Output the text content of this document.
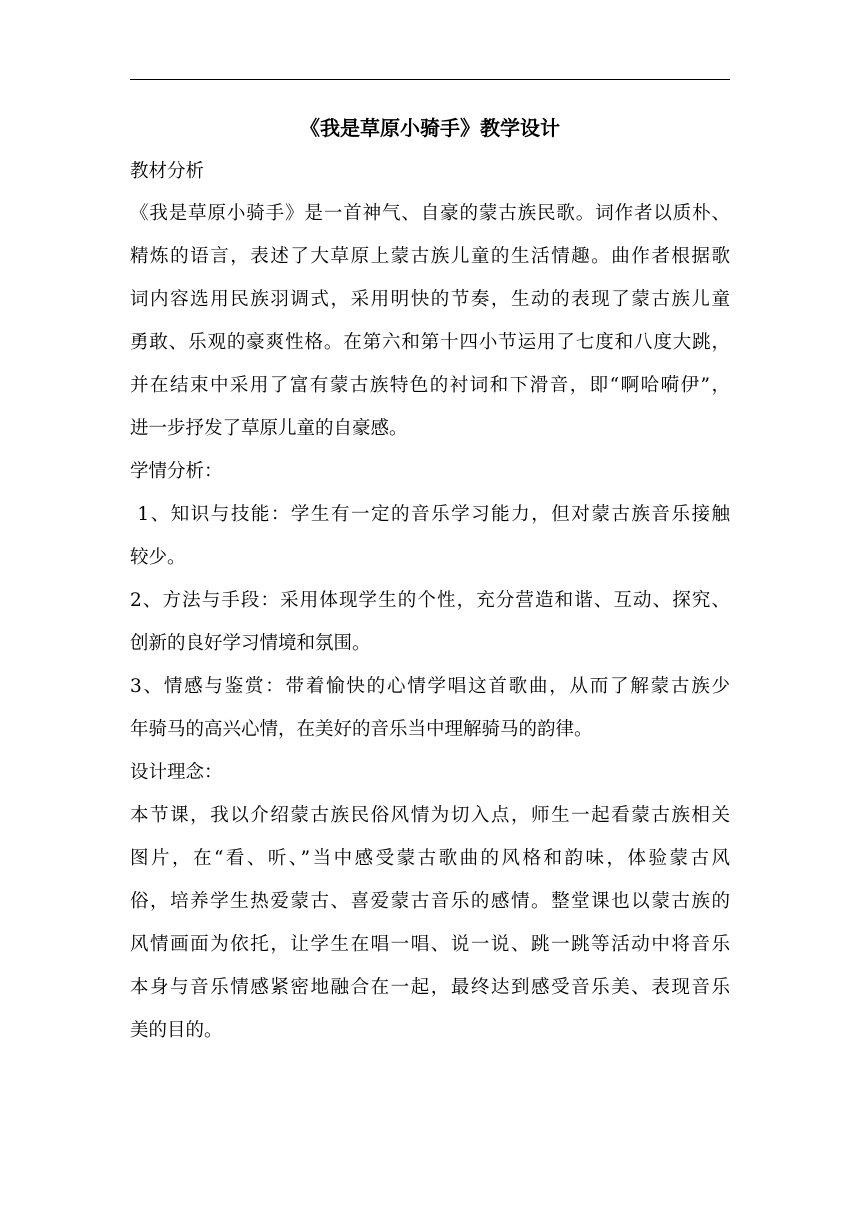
《我是草原小骑手》教学设计
教材分析
《我是草原小骑手》是一首神气、自豪的蒙古族民歌。词作者以质朴、
精炼的语言，表述了大草原上蒙古族儿童的生活情趣。曲作者根据歌
词内容选用民族羽调式，采用明快的节奏，生动的表现了蒙古族儿童
勇敢、乐观的豪爽性格。在第六和第十四小节运用了七度和八度大跳，
并在结束中采用了富有蒙古族特色的衬词和下滑音，即“啊哈嗬伊”，
进一步抒发了草原儿童的自豪感。
学情分析：
1、知识与技能：学生有一定的音乐学习能力，但对蒙古族音乐接触
较少。
2、方法与手段：采用体现学生的个性，充分营造和谐、互动、探究、
创新的良好学习情境和氛围。
3、情感与鉴赏：带着愉快的心情学唱这首歌曲，从而了解蒙古族少
年骑马的高兴心情，在美好的音乐当中理解骑马的韵律。
设计理念：
本节课，我以介绍蒙古族民俗风情为切入点，师生一起看蒙古族相关
图片，在“看、听、”当中感受蒙古歌曲的风格和韵味，体验蒙古风
俗，培养学生热爱蒙古、喜爱蒙古音乐的感情。整堂课也以蒙古族的
风情画面为依托，让学生在唱一唱、说一说、跳一跳等活动中将音乐
本身与音乐情感紧密地融合在一起，最终达到感受音乐美、表现音乐
美的目的。
